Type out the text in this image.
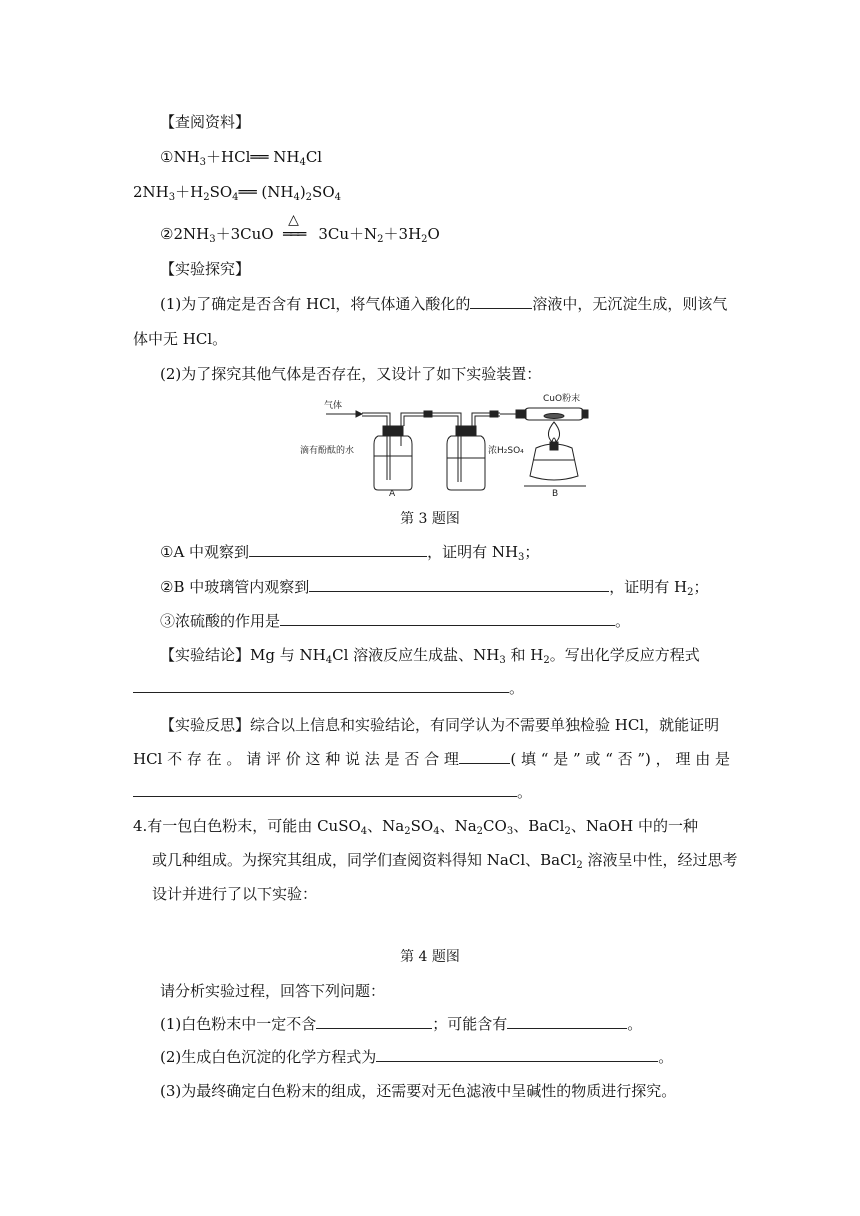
【查阅资料】
$①NH_3+HCl══$ $NH_4Cl$
$2NH_3+H_2SO_4══$ $(NH_4)_2SO_4$
$②2NH_3+3CuO$
△
═══ $3Cu+N_2+3H_2O$
【实验探究】
(1)为了确定是否含有 HCl，将气体通入酸化的	溶液中，无沉淀生成，则该气
体中无 HCl。
(2)为了探究其他气体是否存在，又设计了如下实验装置：
气体
CuO粉末
滴有酚酞的水	浓H₂SO₄
A	B
第 3 题图
①A 中观察到	，证明有 $NH_3$；
②B 中玻璃管内观察到	，证明有 $H_2$；
③浓硫酸的作用是	。
【实验结论】Mg 与 $NH_4Cl$ 溶液反应生成盐、$NH_3$ 和 $H_2$。写出化学反应方程式
。
【实验反思】综合以上信息和实验结论，有同学认为不需要单独检验 HCl，就能证明
HCl 不 存 在 。 请 评 价 这 种 说 法 是 否 合 理	( 填 “ 是 ” 或 “ 否 ”) ， 理 由 是
。
4.有一包白色粉末，可能由 CuSO$_4$、$Na_2SO_4$、$Na_2CO_3$、BaCl$_2$、NaOH 中的一种
或几种组成。为探究其组成，同学们查阅资料得知 NaCl、BaCl$_2$ 溶液呈中性，经过思考
设计并进行了以下实验：
第 4 题图
请分析实验过程，回答下列问题：
(1)白色粉末中一定不含	；可能含有	。
(2)生成白色沉淀的化学方程式为	。
(3)为最终确定白色粉末的组成，还需要对无色滤液中呈碱性的物质进行探究。
